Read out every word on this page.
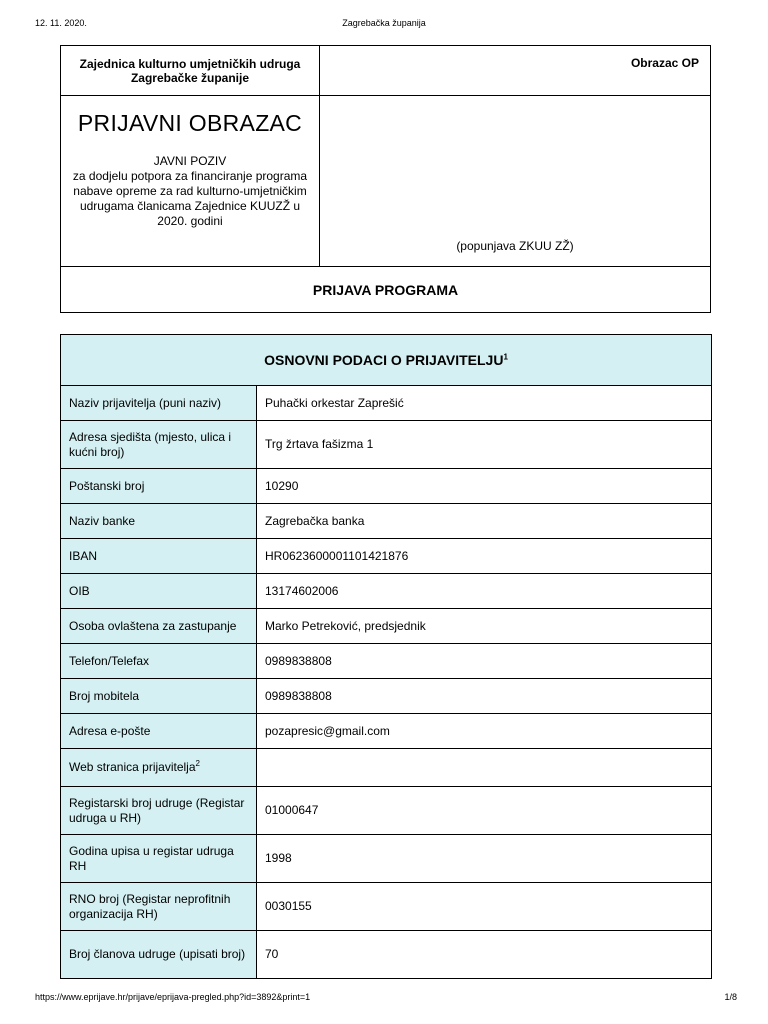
12. 11. 2020.	Zagrebačka županija
Zajednica kulturno umjetničkih udruga
Zagrebačke županije
Obrazac OP
PRIJAVNI OBRAZAC
JAVNI POZIV
za dodjelu potpora za financiranje programa
nabave opreme za rad kulturno-umjetničkim
udrugama članicama Zajednice KUUZŽ u
2020. godini
(popunjava ZKUU ZŽ)
PRIJAVA PROGRAMA
OSNOVNI PODACI O PRIJAVITELJU$^1$
Naziv prijavitelja (puni naziv)	Puhački orkestar Zaprešić
Adresa sjedišta (mjesto, ulica i kućni broj)	Trg žrtava fašizma 1
Poštanski broj	10290
Naziv banke	Zagrebačka banka
IBAN	HR0623600001101421876
OIB	13174602006
Osoba ovlaštena za zastupanje	Marko Petreković, predsjednik
Telefon/Telefax	0989838808
Broj mobitela	0989838808
Adresa e-pošte	pozapresic@gmail.com
Web stranica prijavitelja$^2$	
Registarski broj udruge (Registar udruga u RH)	01000647
Godina upisa u registar udruga RH	1998
RNO broj (Registar neprofitnih organizacija RH)	0030155
Broj članova udruge (upisati broj)	70
https://www.eprijave.hr/prijave/eprijava-pregled.php?id=3892&print=1	1/8
